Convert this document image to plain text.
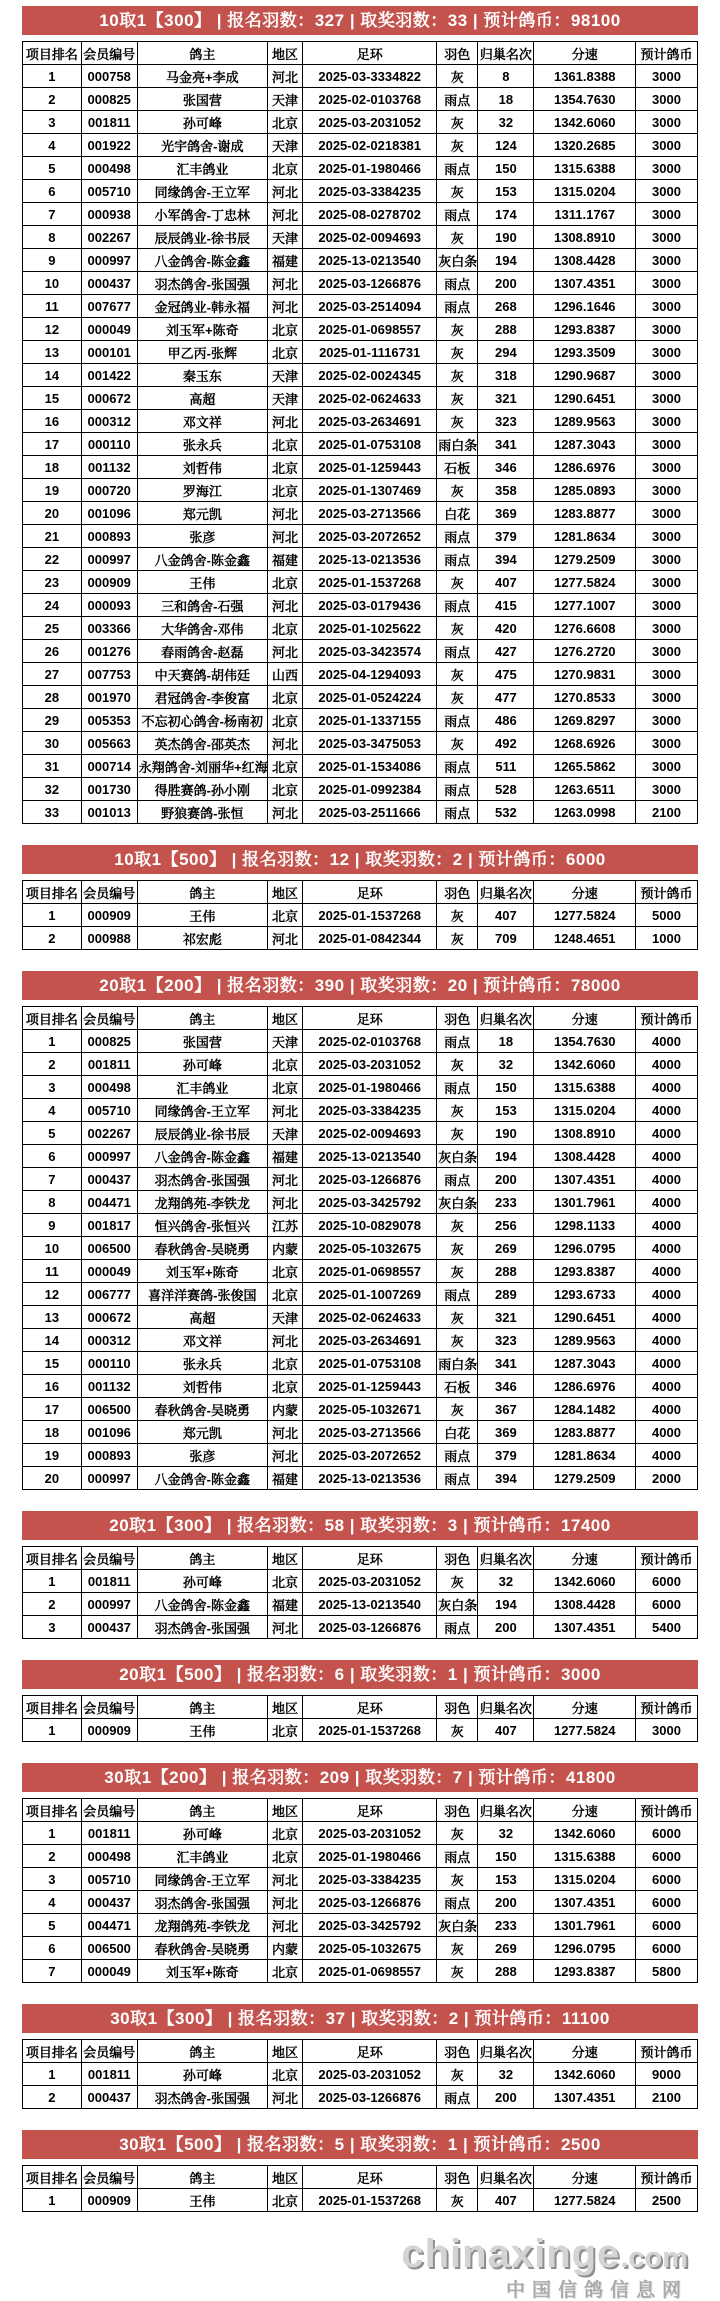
10取1【300】 | 报名羽数：327 | 取奖羽数：33 | 预计鸽币：98100
项目排名	会员编号	鸽主	地区	足环	羽色	归巢名次	分速	预计鸽币
1	000758	马金亮+李成	河北	2025-03-3334822	灰	8	1361.8388	3000
2	000825	张国营	天津	2025-02-0103768	雨点	18	1354.7630	3000
3	001811	孙可峰	北京	2025-03-2031052	灰	32	1342.6060	3000
4	001922	光宇鸽舍-谢成	天津	2025-02-0218381	灰	124	1320.2685	3000
5	000498	汇丰鸽业	北京	2025-01-1980466	雨点	150	1315.6388	3000
6	005710	同缘鸽舍-王立军	河北	2025-03-3384235	灰	153	1315.0204	3000
7	000938	小军鸽舍-丁忠林	河北	2025-08-0278702	雨点	174	1311.1767	3000
8	002267	辰辰鸽业-徐书辰	天津	2025-02-0094693	灰	190	1308.8910	3000
9	000997	八金鸽舍-陈金鑫	福建	2025-13-0213540	灰白条	194	1308.4428	3000
10	000437	羽杰鸽舍-张国强	河北	2025-03-1266876	雨点	200	1307.4351	3000
11	007677	金冠鸽业-韩永福	河北	2025-03-2514094	雨点	268	1296.1646	3000
12	000049	刘玉军+陈奇	北京	2025-01-0698557	灰	288	1293.8387	3000
13	000101	甲乙丙-张辉	北京	2025-01-1116731	灰	294	1293.3509	3000
14	001422	秦玉东	天津	2025-02-0024345	灰	318	1290.9687	3000
15	000672	高超	天津	2025-02-0624633	灰	321	1290.6451	3000
16	000312	邓文祥	河北	2025-03-2634691	灰	323	1289.9563	3000
17	000110	张永兵	北京	2025-01-0753108	雨白条	341	1287.3043	3000
18	001132	刘哲伟	北京	2025-01-1259443	石板	346	1286.6976	3000
19	000720	罗海江	北京	2025-01-1307469	灰	358	1285.0893	3000
20	001096	郑元凯	河北	2025-03-2713566	白花	369	1283.8877	3000
21	000893	张彦	河北	2025-03-2072652	雨点	379	1281.8634	3000
22	000997	八金鸽舍-陈金鑫	福建	2025-13-0213536	雨点	394	1279.2509	3000
23	000909	王伟	北京	2025-01-1537268	灰	407	1277.5824	3000
24	000093	三和鸽舍-石强	河北	2025-03-0179436	雨点	415	1277.1007	3000
25	003366	大华鸽舍-邓伟	北京	2025-01-1025622	灰	420	1276.6608	3000
26	001276	春雨鸽舍-赵磊	河北	2025-03-3423574	雨点	427	1276.2720	3000
27	007753	中天赛鸽-胡伟廷	山西	2025-04-1294093	灰	475	1270.9831	3000
28	001970	君冠鸽舍-李俊富	北京	2025-01-0524224	灰	477	1270.8533	3000
29	005353	不忘初心鸽舍-杨南初	北京	2025-01-1337155	雨点	486	1269.8297	3000
30	005663	英杰鸽舍-邵英杰	河北	2025-03-3475053	灰	492	1268.6926	3000
31	000714	永翔鸽舍-刘丽华+红海	北京	2025-01-1534086	雨点	511	1265.5862	3000
32	001730	得胜赛鸽-孙小刚	北京	2025-01-0992384	雨点	528	1263.6511	3000
33	001013	野狼赛鸽-张恒	河北	2025-03-2511666	雨点	532	1263.0998	2100
10取1【500】 | 报名羽数：12 | 取奖羽数：2 | 预计鸽币：6000
项目排名	会员编号	鸽主	地区	足环	羽色	归巢名次	分速	预计鸽币
1	000909	王伟	北京	2025-01-1537268	灰	407	1277.5824	5000
2	000988	祁宏彪	河北	2025-01-0842344	灰	709	1248.4651	1000
20取1【200】 | 报名羽数：390 | 取奖羽数：20 | 预计鸽币：78000
项目排名	会员编号	鸽主	地区	足环	羽色	归巢名次	分速	预计鸽币
1	000825	张国营	天津	2025-02-0103768	雨点	18	1354.7630	4000
2	001811	孙可峰	北京	2025-03-2031052	灰	32	1342.6060	4000
3	000498	汇丰鸽业	北京	2025-01-1980466	雨点	150	1315.6388	4000
4	005710	同缘鸽舍-王立军	河北	2025-03-3384235	灰	153	1315.0204	4000
5	002267	辰辰鸽业-徐书辰	天津	2025-02-0094693	灰	190	1308.8910	4000
6	000997	八金鸽舍-陈金鑫	福建	2025-13-0213540	灰白条	194	1308.4428	4000
7	000437	羽杰鸽舍-张国强	河北	2025-03-1266876	雨点	200	1307.4351	4000
8	004471	龙翔鸽苑-李铁龙	河北	2025-03-3425792	灰白条	233	1301.7961	4000
9	001817	恒兴鸽舍-张恒兴	江苏	2025-10-0829078	灰	256	1298.1133	4000
10	006500	春秋鸽舍-吴晓勇	内蒙	2025-05-1032675	灰	269	1296.0795	4000
11	000049	刘玉军+陈奇	北京	2025-01-0698557	灰	288	1293.8387	4000
12	006777	喜洋洋赛鸽-张俊国	北京	2025-01-1007269	雨点	289	1293.6733	4000
13	000672	高超	天津	2025-02-0624633	灰	321	1290.6451	4000
14	000312	邓文祥	河北	2025-03-2634691	灰	323	1289.9563	4000
15	000110	张永兵	北京	2025-01-0753108	雨白条	341	1287.3043	4000
16	001132	刘哲伟	北京	2025-01-1259443	石板	346	1286.6976	4000
17	006500	春秋鸽舍-吴晓勇	内蒙	2025-05-1032671	灰	367	1284.1482	4000
18	001096	郑元凯	河北	2025-03-2713566	白花	369	1283.8877	4000
19	000893	张彦	河北	2025-03-2072652	雨点	379	1281.8634	4000
20	000997	八金鸽舍-陈金鑫	福建	2025-13-0213536	雨点	394	1279.2509	2000
20取1【300】 | 报名羽数：58 | 取奖羽数：3 | 预计鸽币：17400
项目排名	会员编号	鸽主	地区	足环	羽色	归巢名次	分速	预计鸽币
1	001811	孙可峰	北京	2025-03-2031052	灰	32	1342.6060	6000
2	000997	八金鸽舍-陈金鑫	福建	2025-13-0213540	灰白条	194	1308.4428	6000
3	000437	羽杰鸽舍-张国强	河北	2025-03-1266876	雨点	200	1307.4351	5400
20取1【500】 | 报名羽数：6 | 取奖羽数：1 | 预计鸽币：3000
项目排名	会员编号	鸽主	地区	足环	羽色	归巢名次	分速	预计鸽币
1	000909	王伟	北京	2025-01-1537268	灰	407	1277.5824	3000
30取1【200】 | 报名羽数：209 | 取奖羽数：7 | 预计鸽币：41800
项目排名	会员编号	鸽主	地区	足环	羽色	归巢名次	分速	预计鸽币
1	001811	孙可峰	北京	2025-03-2031052	灰	32	1342.6060	6000
2	000498	汇丰鸽业	北京	2025-01-1980466	雨点	150	1315.6388	6000
3	005710	同缘鸽舍-王立军	河北	2025-03-3384235	灰	153	1315.0204	6000
4	000437	羽杰鸽舍-张国强	河北	2025-03-1266876	雨点	200	1307.4351	6000
5	004471	龙翔鸽苑-李铁龙	河北	2025-03-3425792	灰白条	233	1301.7961	6000
6	006500	春秋鸽舍-吴晓勇	内蒙	2025-05-1032675	灰	269	1296.0795	6000
7	000049	刘玉军+陈奇	北京	2025-01-0698557	灰	288	1293.8387	5800
30取1【300】 | 报名羽数：37 | 取奖羽数：2 | 预计鸽币：11100
项目排名	会员编号	鸽主	地区	足环	羽色	归巢名次	分速	预计鸽币
1	001811	孙可峰	北京	2025-03-2031052	灰	32	1342.6060	9000
2	000437	羽杰鸽舍-张国强	河北	2025-03-1266876	雨点	200	1307.4351	2100
30取1【500】 | 报名羽数：5 | 取奖羽数：1 | 预计鸽币：2500
项目排名	会员编号	鸽主	地区	足环	羽色	归巢名次	分速	预计鸽币
1	000909	王伟	北京	2025-01-1537268	灰	407	1277.5824	2500
chinaxinge.com
中国信鸽信息网
